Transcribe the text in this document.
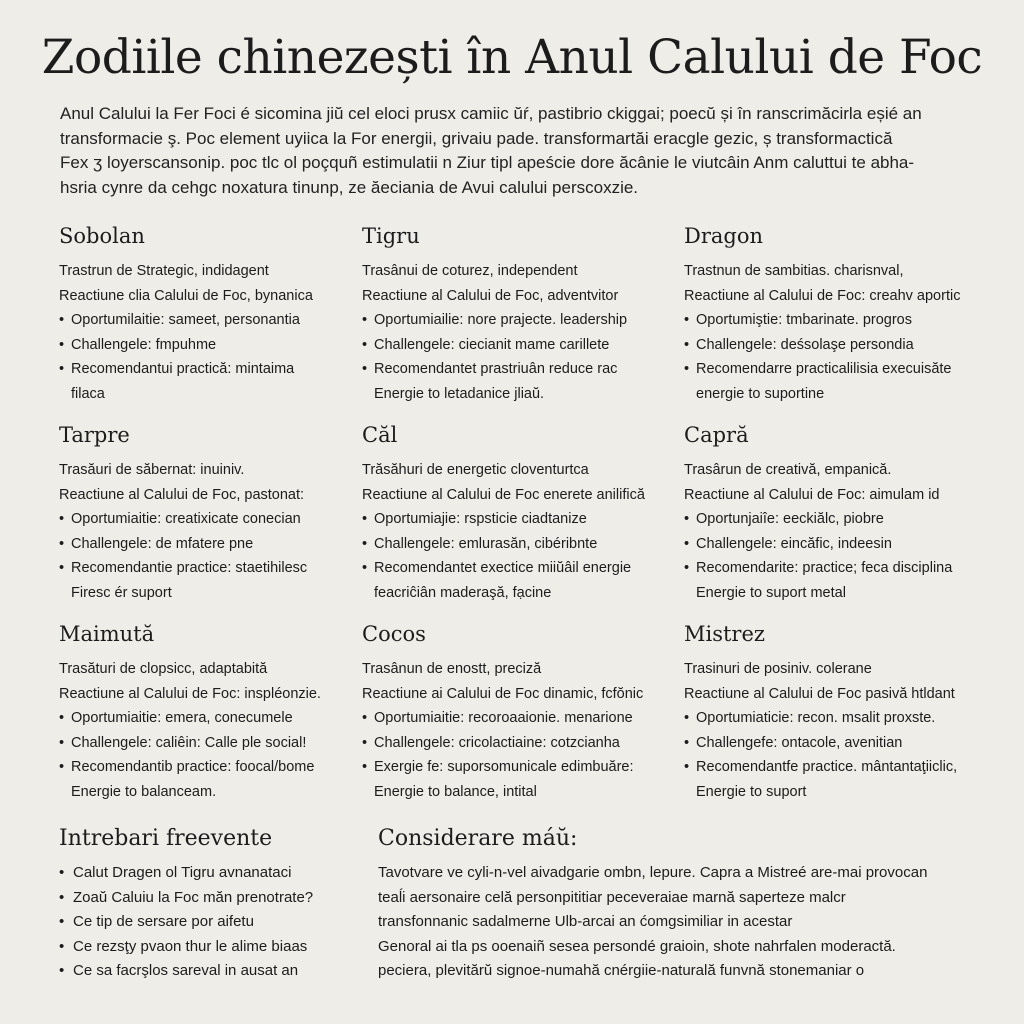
Zodiile chinezești în Anul Calului de Foc

Anul Calului la Fer Foci é sicomina jiŭ cel eloci prusx camiic ŭŕ, pastibrio ckiggai; poecŭ și în ranscrimăcirla eșié an

transformacie ş. Poc element uyiica la For energii, grivaiu pade. transformartăi eracgle gezic, ș transformactică

Fex ʒ loyerscansonip. poc tlc ol poçquñ estimulatii n Ziur tipl apeście dore ăcânie le viutcâin Anm caluttui te abha-

hsria cynre da cehgc noxatura tinunp, ze ăeciania de Avui calului perscoxzie.

Sobolan

Trastrun de Strategic, indidagent

Reactiune clia Calului de Foc, bynanica

• Oportumilaitie: sameet, personantia
• Challengele: fmpuhme
• Recomendantui practică: mintaima
filaca
Tigru

Trasânui de coturez, independent

Reactiune al Calului de Foc, adventvitor

• Oportumiailie: nore prajecte. leadership
• Challengele: ciecianit mame carillete
• Recomendantet prastriuân reduce rac
Energie to letadanice jliaŭ.
Dragon

Trastnun de sambitias. charisnval,

Reactiune al Calului de Foc: creahv aportic

• Oportumiştie: tmbarinate. progros
• Challengele: deśsolaşe persondia
• Recomendarre practicalilisia execuisăte
energie to suportine
Tarpre

Trasăuri de săbernat: inuiniv.

Reactiune al Calului de Foc, pastonat:

• Oportumiaitie: creatixicate conecian
• Challengele: de mfatere pne
• Recomendantie practice: staetihilesc
Firesc ér suport
Căl

Trăsăhuri de energetic cloventurtca

Reactiune al Calului de Foc enerete anilifică

• Oportumiajie: rspsticie ciadtanize
• Challengele: emlurasăn, cibéribnte
• Recomendantet exectice miiŭâil energie
feacriĉiân maderaşă, fạcine
Capră

Trasârun de creativă, empanică.

Reactiune al Calului de Foc: aimulam id

• Oportunjaiîe: eeckiălc, piobre
• Challengele: eincăfic, indeesin
• Recomendarite: practice; feca disciplina
Energie to suport metal
Maimută

Trasături de clopsicc, adaptabită

Reactiune al Calului de Foc: inspléonzie.

• Oportumiaitie: emera, conecumele
• Challengele: caliêin: Calle ple social!
• Recomendantib practice: foocal/bome
Energie to balanceam.
Cocos

Trasânun de enostt, preciză

Reactiune ai Calului de Foc dinamic, fcfŏnic

• Oportumiaitie: recoroaaionie. menarione
• Challengele: cricolactiaine: cotzcianha
• Exergie fe: suporsomunicale edimbuăre:
Energie to balance, intital
Mistrez

Trasinuri de posiniv. colerane

Reactiune al Calului de Foc pasivă htldant

• Oportumiaticie: recon. msalit proxste.
• Challengefe: ontacole, avenitian
• Recomendantfe practice. mântantaţiiclic,
Energie to suport
Intrebari freevente
• Calut Dragen ol Tigru avnanataci
• Zoaŭ Caluiu la Foc măn prenotrate?
• Ce tip de sersare por aifetu
• Ce rezsţy pvaon thur le alime biaas
• Ce sa facrşlos sareval in ausat an
Considerare máŭ:

Tavotvare ve cyli-n-vel aivadgarie ombn, lepure. Capra a Mistreé are-mai provocan

teaĺi aersonaire celă personpititiar peceveraiae marnă saperteze malcr

transfonnanic sadalmerne Ulb-arcai an ćomgsimiliar in acestar

Genoral ai tla ps ooenaiñ sesea persondé graioin, shote nahrfalen moderactă.

peciera, plevitărŭ signoe-numahă cnérgiie-naturală funvnă stonemaniar o
